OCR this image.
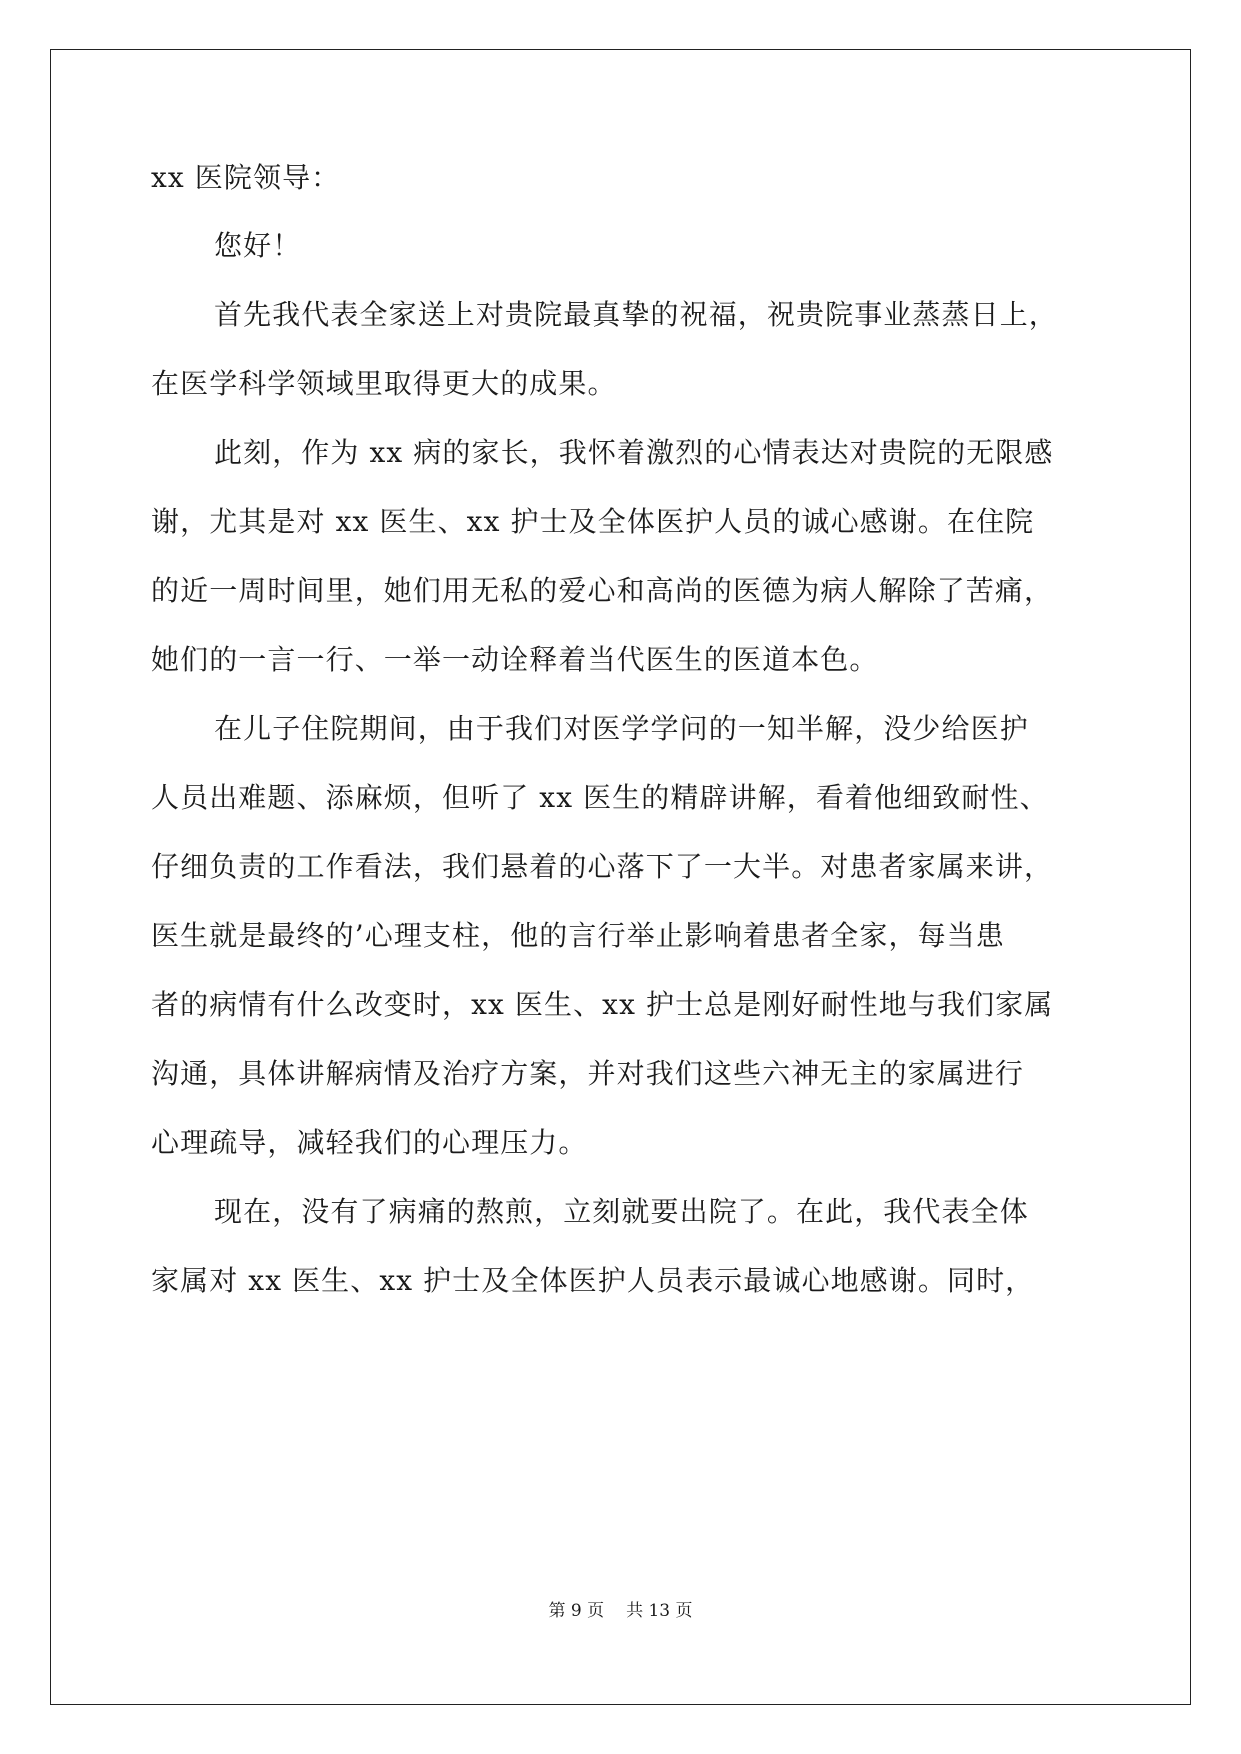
xx 医院领导：
您好！
首先我代表全家送上对贵院最真挚的祝福，祝贵院事业蒸蒸日上，
在医学科学领域里取得更大的成果。
此刻，作为 xx 病的家长，我怀着激烈的心情表达对贵院的无限感
谢，尤其是对 xx 医生、xx 护士及全体医护人员的诚心感谢。在住院
的近一周时间里，她们用无私的爱心和高尚的医德为病人解除了苦痛，
她们的一言一行、一举一动诠释着当代医生的医道本色。
在儿子住院期间，由于我们对医学学问的一知半解，没少给医护
人员出难题、添麻烦，但听了 xx 医生的精辟讲解，看着他细致耐性、
仔细负责的工作看法，我们悬着的心落下了一大半。对患者家属来讲，
医生就是最终的’心理支柱，他的言行举止影响着患者全家，每当患
者的病情有什么改变时，xx 医生、xx 护士总是刚好耐性地与我们家属
沟通，具体讲解病情及治疗方案，并对我们这些六神无主的家属进行
心理疏导，减轻我们的心理压力。
现在，没有了病痛的熬煎，立刻就要出院了。在此，我代表全体
家属对 xx 医生、xx 护士及全体医护人员表示最诚心地感谢。同时，
第 9 页 共 13 页
